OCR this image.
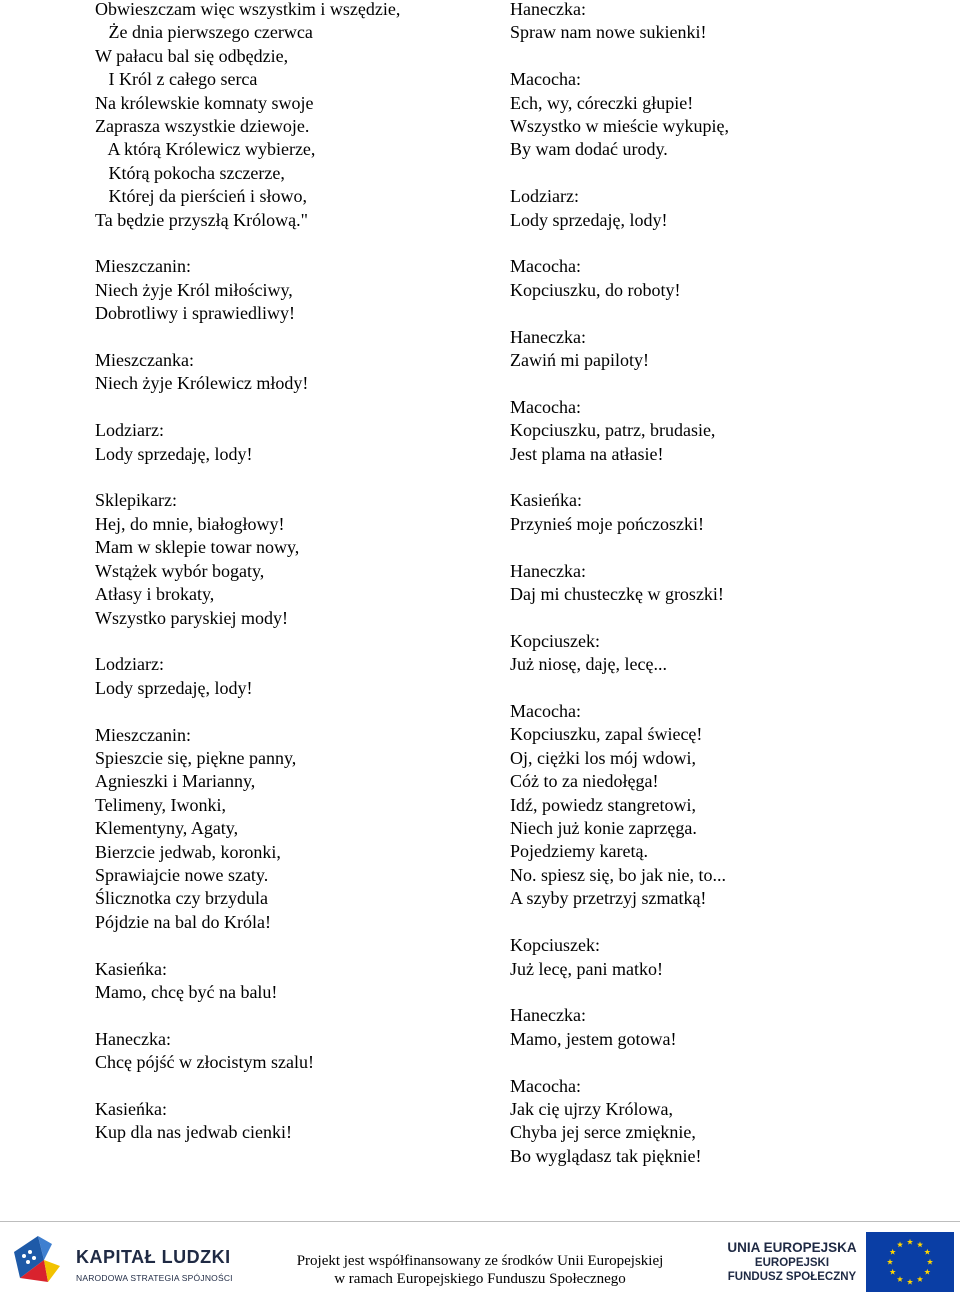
Obwieszczam więc wszystkim i wszędzie,
Że dnia pierwszego czerwca
W pałacu bal się odbędzie,
I Król z całego serca
Na królewskie komnaty swoje
Zaprasza wszystkie dziewoje.
A którą Królewicz wybierze,
Którą pokocha szczerze,
Której da pierścień i słowo,
Ta będzie przyszłą Królową."
Mieszczanin:
Niech żyje Król miłościwy,
Dobrotliwy i sprawiedliwy!
Mieszczanka:
Niech żyje Królewicz młody!
Lodziarz:
Lody sprzedaję, lody!
Sklepikarz:
Hej, do mnie, białogłowy!
Mam w sklepie towar nowy,
Wstążek wybór bogaty,
Atłasy i brokaty,
Wszystko paryskiej mody!
Lodziarz:
Lody sprzedaję, lody!
Mieszczanin:
Spieszcie się, piękne panny,
Agnieszki i Marianny,
Telimeny, Iwonki,
Klementyny, Agaty,
Bierzcie jedwab, koronki,
Sprawiajcie nowe szaty.
Ślicznotka czy brzydula
Pójdzie na bal do Króla!
Kasieńka:
Mamo, chcę być na balu!
Haneczka:
Chcę pójść w złocistym szalu!
Kasieńka:
Kup dla nas jedwab cienki!
Haneczka:
Spraw nam nowe sukienki!
Macocha:
Ech, wy, córeczki głupie!
Wszystko w mieście wykupię,
By wam dodać urody.
Lodziarz:
Lody sprzedaję, lody!
Macocha:
Kopciuszku, do roboty!
Haneczka:
Zawiń mi papiloty!
Macocha:
Kopciuszku, patrz, brudasie,
Jest plama na atłasie!
Kasieńka:
Przynieś moje pończoszki!
Haneczka:
Daj mi chusteczkę w groszki!
Kopciuszek:
Już niosę, daję, lecę...
Macocha:
Kopciuszku, zapal świecę!
Oj, ciężki los mój wdowi,
Cóż to za niedołęga!
Idź, powiedz stangretowi,
Niech już konie zaprzęga.
Pojedziemy karetą.
No. spiesz się, bo jak nie, to...
A szyby przetrzyj szmatką!
Kopciuszek:
Już lecę, pani matko!
Haneczka:
Mamo, jestem gotowa!
Macocha:
Jak cię ujrzy Królowa,
Chyba jej serce zmięknie,
Bo wyglądasz tak pięknie!
KAPITAŁ LUDZKI
NARODOWA STRATEGIA SPÓJNOŚCI
Projekt jest współfinansowany ze środków Unii Europejskiej
w ramach Europejskiego Funduszu Społecznego
UNIA EUROPEJSKA
EUROPEJSKI
FUNDUSZ SPOŁECZNY
